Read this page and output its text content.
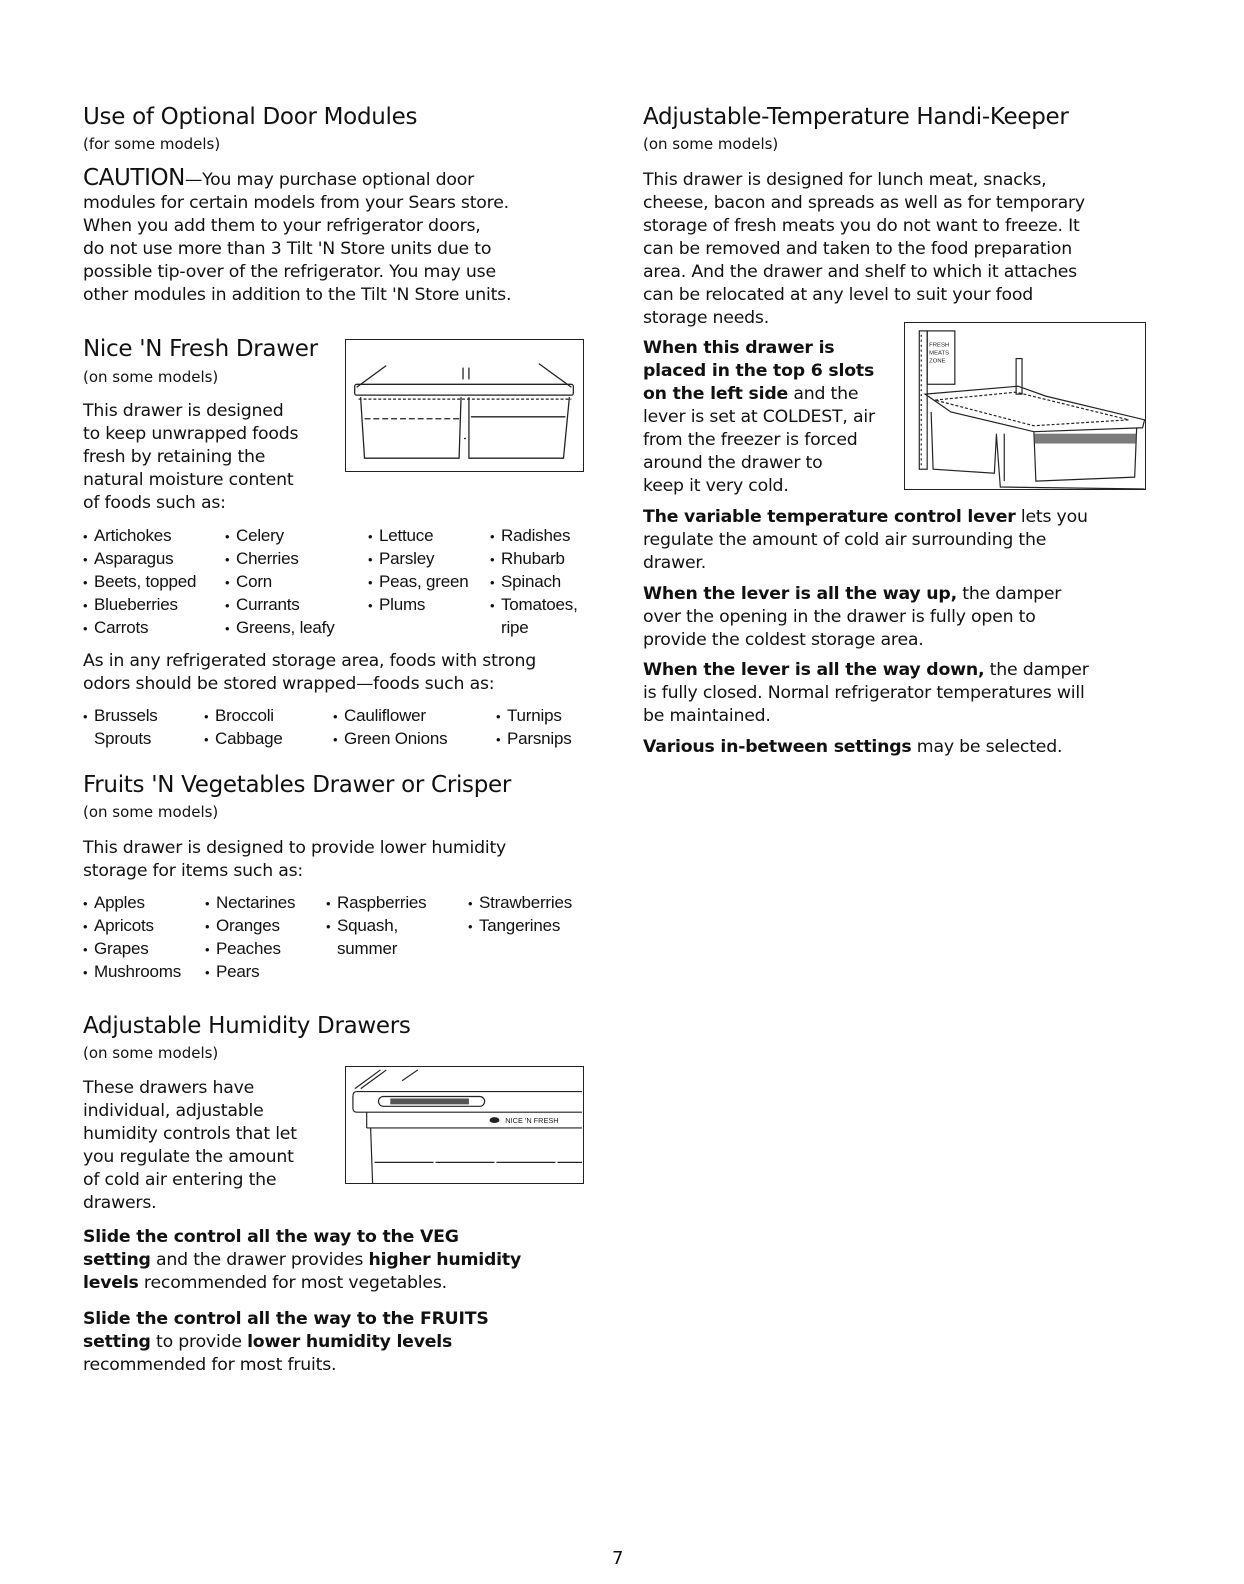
Use of Optional Door Modules
(for some models)
CAUTION—You may purchase optional door
modules for certain models from your Sears store.
When you add them to your refrigerator doors,
do not use more than 3 Tilt 'N Store units due to
possible tip-over of the refrigerator. You may use
other modules in addition to the Tilt 'N Store units.
Nice 'N Fresh Drawer
(on some models)
This drawer is designed
to keep unwrapped foods
fresh by retaining the
natural moisture content
of foods such as:
• Artichokes
• Asparagus
• Beets, topped
• Blueberries
• Carrots
• Celery
• Cherries
• Corn
• Currants
• Greens, leafy
• Lettuce
• Parsley
• Peas, green
• Plums
• Radishes
• Rhubarb
• Spinach
• Tomatoes,
ripe
As in any refrigerated storage area, foods with strong
odors should be stored wrapped—foods such as:
• Brussels
Sprouts
• Broccoli
• Cabbage
• Cauliflower
• Green Onions
• Turnips
• Parsnips
Fruits 'N Vegetables Drawer or Crisper
(on some models)
This drawer is designed to provide lower humidity
storage for items such as:
• Apples
• Apricots
• Grapes
• Mushrooms
• Nectarines
• Oranges
• Peaches
• Pears
• Raspberries
• Squash,
summer
• Strawberries
• Tangerines
Adjustable Humidity Drawers
(on some models)
These drawers have
individual, adjustable
humidity controls that let
you regulate the amount
of cold air entering the
drawers.
NICE 'N FRESH
Slide the control all the way to the VEG
setting and the drawer provides higher humidity
levels recommended for most vegetables.
Slide the control all the way to the FRUITS
setting to provide lower humidity levels
recommended for most fruits.
Adjustable-Temperature Handi-Keeper
(on some models)
This drawer is designed for lunch meat, snacks,
cheese, bacon and spreads as well as for temporary
storage of fresh meats you do not want to freeze. It
can be removed and taken to the food preparation
area. And the drawer and shelf to which it attaches
can be relocated at any level to suit your food
storage needs.
FRESH
MEATS
ZONE
When this drawer is
placed in the top 6 slots
on the left side and the
lever is set at COLDEST, air
from the freezer is forced
around the drawer to
keep it very cold.
The variable temperature control lever lets you
regulate the amount of cold air surrounding the
drawer.
When the lever is all the way up, the damper
over the opening in the drawer is fully open to
provide the coldest storage area.
When the lever is all the way down, the damper
is fully closed. Normal refrigerator temperatures will
be maintained.
Various in-between settings may be selected.
7
